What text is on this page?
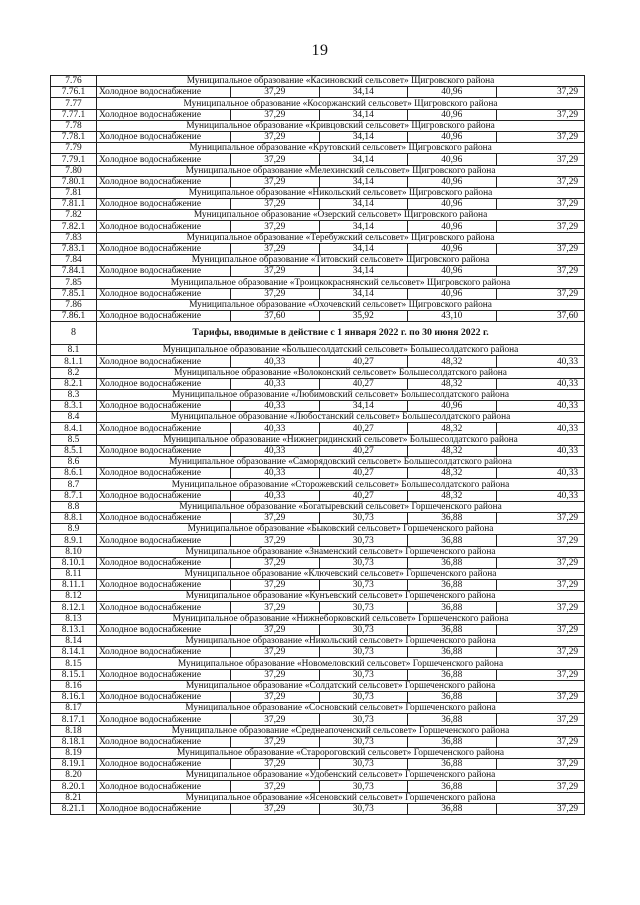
19
7.76	Муниципальное образование «Касиновский сельсовет» Щигровского района				
7.76.1	Холодное водоснабжение	37,29	34,14	40,96	37,29
7.77	Муниципальное образование «Косоржанский сельсовет» Щигровского района				
7.77.1	Холодное водоснабжение	37,29	34,14	40,96	37,29
7.78	Муниципальное образование «Кривцовский сельсовет» Щигровского района				
7.78.1	Холодное водоснабжение	37,29	34,14	40,96	37,29
7.79	Муниципальное образование «Крутовский сельсовет» Щигровского района				
7.79.1	Холодное водоснабжение	37,29	34,14	40,96	37,29
7.80	Муниципальное образование «Мелехинский сельсовет» Щигровского района				
7.80.1	Холодное водоснабжение	37,29	34,14	40,96	37,29
7.81	Муниципальное образование «Никольский сельсовет» Щигровского района				
7.81.1	Холодное водоснабжение	37,29	34,14	40,96	37,29
7.82	Муниципальное образование «Озерский сельсовет» Щигровского района				
7.82.1	Холодное водоснабжение	37,29	34,14	40,96	37,29
7.83	Муниципальное образование «Теребужский сельсовет» Щигровского района				
7.83.1	Холодное водоснабжение	37,29	34,14	40,96	37,29
7.84	Муниципальное образование «Титовский сельсовет» Щигровского района				
7.84.1	Холодное водоснабжение	37,29	34,14	40,96	37,29
7.85	Муниципальное образование «Троицкокраснянский сельсовет» Щигровского района				
7.85.1	Холодное водоснабжение	37,29	34,14	40,96	37,29
7.86	Муниципальное образование «Охочевский сельсовет» Щигровского района				
7.86.1	Холодное водоснабжение	37,60	35,92	43,10	37,60
8	Тарифы, вводимые в действие с 1 января 2022 г. по 30 июня 2022 г.				
8.1	Муниципальное образование «Большесолдатский сельсовет» Большесолдатского района				
8.1.1	Холодное водоснабжение	40,33	40,27	48,32	40,33
8.2	Муниципальное образование «Волоконский сельсовет» Большесолдатского района				
8.2.1	Холодное водоснабжение	40,33	40,27	48,32	40,33
8.3	Муниципальное образование «Любимовский сельсовет» Большесолдатского района				
8.3.1	Холодное водоснабжение	40,33	34,14	40,96	40,33
8.4	Муниципальное образование «Любостанский сельсовет» Большесолдатского района				
8.4.1	Холодное водоснабжение	40,33	40,27	48,32	40,33
8.5	Муниципальное образование «Нижнегридинский сельсовет» Большесолдатского района				
8.5.1	Холодное водоснабжение	40,33	40,27	48,32	40,33
8.6	Муниципальное образование «Саморядовский сельсовет» Большесолдатского района				
8.6.1	Холодное водоснабжение	40,33	40,27	48,32	40,33
8.7	Муниципальное образование «Сторожевский сельсовет» Большесолдатского района				
8.7.1	Холодное водоснабжение	40,33	40,27	48,32	40,33
8.8	Муниципальное образование «Богатыревский сельсовет» Горшеченского района				
8.8.1	Холодное водоснабжение	37,29	30,73	36,88	37,29
8.9	Муниципальное образование «Быковский сельсовет» Горшеченского района				
8.9.1	Холодное водоснабжение	37,29	30,73	36,88	37,29
8.10	Муниципальное образование «Знаменский сельсовет» Горшеченского района				
8.10.1	Холодное водоснабжение	37,29	30,73	36,88	37,29
8.11	Муниципальное образование «Ключевский сельсовет» Горшеченского района				
8.11.1	Холодное водоснабжение	37,29	30,73	36,88	37,29
8.12	Муниципальное образование «Кунъевский сельсовет» Горшеченского района				
8.12.1	Холодное водоснабжение	37,29	30,73	36,88	37,29
8.13	Муниципальное образование «Нижнеборковский сельсовет» Горшеченского района				
8.13.1	Холодное водоснабжение	37,29	30,73	36,88	37,29
8.14	Муниципальное образование «Никольский сельсовет» Горшеченского района				
8.14.1	Холодное водоснабжение	37,29	30,73	36,88	37,29
8.15	Муниципальное образование «Новомеловский сельсовет» Горшеченского района				
8.15.1	Холодное водоснабжение	37,29	30,73	36,88	37,29
8.16	Муниципальное образование «Солдатский сельсовет» Горшеченского района				
8.16.1	Холодное водоснабжение	37,29	30,73	36,88	37,29
8.17	Муниципальное образование «Сосновский сельсовет» Горшеченского района				
8.17.1	Холодное водоснабжение	37,29	30,73	36,88	37,29
8.18	Муниципальное образование «Среднеапоченский сельсовет» Горшеченского района				
8.18.1	Холодное водоснабжение	37,29	30,73	36,88	37,29
8.19	Муниципальное образование «Старороговский сельсовет» Горшеченского района				
8.19.1	Холодное водоснабжение	37,29	30,73	36,88	37,29
8.20	Муниципальное образование «Удобенский сельсовет» Горшеченского района				
8.20.1	Холодное водоснабжение	37,29	30,73	36,88	37,29
8.21	Муниципальное образование «Ясеновский сельсовет» Горшеченского района				
8.21.1	Холодное водоснабжение	37,29	30,73	36,88	37,29
